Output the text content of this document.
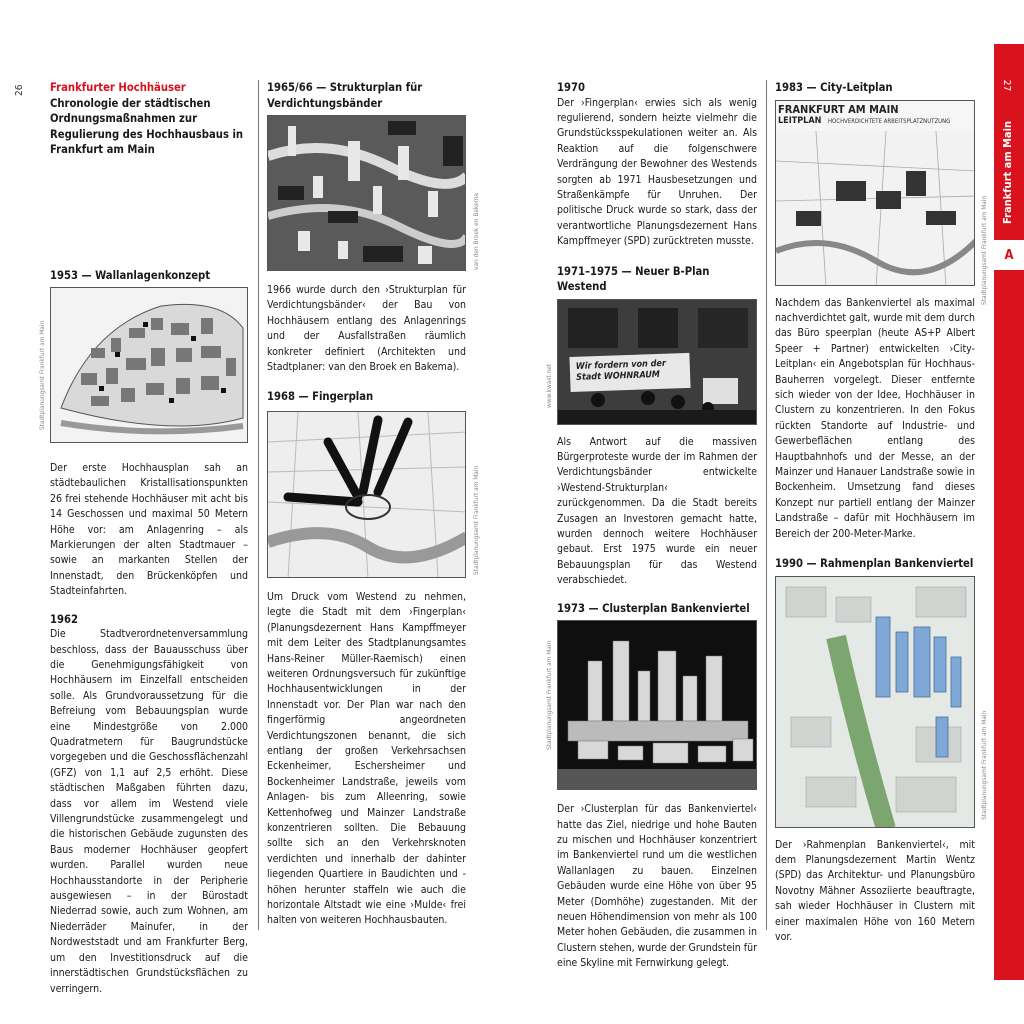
26	27
Frankfurt am Main
A
Frankfurter Hochhäuser
Chronologie der städtischen Ordnungsmaßnahmen zur Regulierung des Hochhausbaus in Frankfurt am Main
1953 — Wallanlagenkonzept
Stadtplanungsamt Frankfurt am Main

Der erste Hochhausplan sah an städtebaulichen Kristallisationspunkten 26 frei stehende Hochhäuser mit acht bis 14 Geschossen und maximal 50 Metern Höhe vor: am Anlagenring – als Markierungen der alten Stadtmauer – sowie an markanten Stellen der Innenstadt, den Brückenköpfen und Stadteinfahrten.

1962

Die Stadtverordnetenversammlung beschloss, dass der Bauausschuss über die Genehmigungsfähigkeit von Hochhäusern im Einzelfall entscheiden solle. Als Grundvoraussetzung für die Befreiung vom Bebauungsplan wurde eine Mindestgröße von 2.000 Quadratmetern für Baugrundstücke vorgegeben und die Geschossflächenzahl (GFZ) von 1,1 auf 2,5 erhöht. Diese städtischen Maßgaben führten dazu, dass vor allem im Westend viele Villengrundstücke zusammengelegt und die historischen Gebäude zugunsten des Baus moderner Hochhäuser geopfert wurden. Parallel wurden neue Hochhausstandorte in der Peripherie ausgewiesen – in der Bürostadt Niederrad sowie, auch zum Wohnen, am Niederräder Mainufer, in der Nordweststadt und am Frankfurter Berg, um den Investitionsdruck auf die innerstädtischen Grundstücksflächen zu verringern.

1965/66 — Strukturplan für Verdichtungsbänder
van den Broek en Bakema

1966 wurde durch den ›Strukturplan für Verdichtungsbänder‹ der Bau von Hochhäusern entlang des Anlagenrings und der Ausfallstraßen räumlich konkreter definiert (Architekten und Stadtplaner: van den Broek en Bakema).

1968 — Fingerplan
Stadtplanungsamt Frankfurt am Main

Um Druck vom Westend zu nehmen, legte die Stadt mit dem ›Fingerplan‹ (Planungsdezernent Hans Kampffmeyer mit dem Leiter des Stadtplanungsamtes Hans-Reiner Müller-Raemisch) einen weiteren Ordnungsversuch für zukünftige Hochhausentwicklungen in der Innenstadt vor. Der Plan war nach den fingerförmig angeordneten Verdichtungszonen benannt, die sich entlang der großen Verkehrsachsen Eckenheimer, Eschersheimer und Bockenheimer Landstraße, jeweils vom Anlagen- bis zum Alleenring, sowie Kettenhofweg und Mainzer Landstraße konzentrieren sollten. Die Bebauung sollte sich an den Verkehrsknoten verdichten und innerhalb der dahinter liegenden Quartiere in Baudichten und -höhen herunter staffeln wie auch die horizontale Altstadt wie eine ›Mulde‹ frei halten von weiteren Hochhausbauten.

1970

Der ›Fingerplan‹ erwies sich als wenig regulierend, sondern heizte vielmehr die Grundstücksspekulationen weiter an. Als Reaktion auf die folgenschwere Verdrängung der Bewohner des Westends sorgten ab 1971 Hausbesetzungen und Straßenkämpfe für Unruhen. Der politische Druck wurde so stark, dass der verantwortliche Planungsdezernent Hans Kampffmeyer (SPD) zurücktreten musste.

1971–1975 — Neuer B-Plan Westend
Wir fordern von der Stadt WOHNRAUM
www.kwast.net

Als Antwort auf die massiven Bürgerproteste wurde der im Rahmen der Verdichtungsbänder entwickelte ›Westend-Strukturplan‹ zurückgenommen. Da die Stadt bereits Zusagen an Investoren gemacht hatte, wurden dennoch weitere Hochhäuser gebaut. Erst 1975 wurde ein neuer Bebauungsplan für das Westend verabschiedet.

1973 — Clusterplan Bankenviertel
Stadtplanungsamt Frankfurt am Main

Der ›Clusterplan für das Bankenviertel‹ hatte das Ziel, niedrige und hohe Bauten zu mischen und Hochhäuser konzentriert im Bankenviertel rund um die westlichen Wallanlagen zu bauen. Einzelnen Gebäuden wurde eine Höhe von über 95 Meter (Domhöhe) zugestanden. Mit der neuen Höhendimension von mehr als 100 Meter hohen Gebäuden, die zusammen in Clustern stehen, wurde der Grundstein für eine Skyline mit Fernwirkung gelegt.

1983 — City-Leitplan
FRANKFURT AM MAIN
LEITPLAN HOCHVERDICHTETE ARBEITSPLATZNUTZUNG
Stadtplanungsamt Frankfurt am Main

Nachdem das Bankenviertel als maximal nachverdichtet galt, wurde mit dem durch das Büro speerplan (heute AS+P Albert Speer + Partner) entwickelten ›City-Leitplan‹ ein Angebotsplan für Hochhaus-Bauherren vorgelegt. Dieser entfernte sich wieder von der Idee, Hochhäuser in Clustern zu konzentrieren. In den Fokus rückten Standorte auf Industrie- und Gewerbeflächen entlang des Hauptbahnhofs und der Messe, an der Mainzer und Hanauer Landstraße sowie in Bockenheim. Umsetzung fand dieses Konzept nur partiell entlang der Mainzer Landstraße – dafür mit Hochhäusern im Bereich der 200-Meter-Marke.

1990 — Rahmenplan Bankenviertel
Stadtplanungsamt Frankfurt am Main

Der ›Rahmenplan Bankenviertel‹, mit dem Planungsdezernent Martin Wentz (SPD) das Architektur- und Planungsbüro Novotny Mähner Assoziierte beauftragte, sah wieder Hochhäuser in Clustern mit einer maximalen Höhe von 160 Metern vor.
